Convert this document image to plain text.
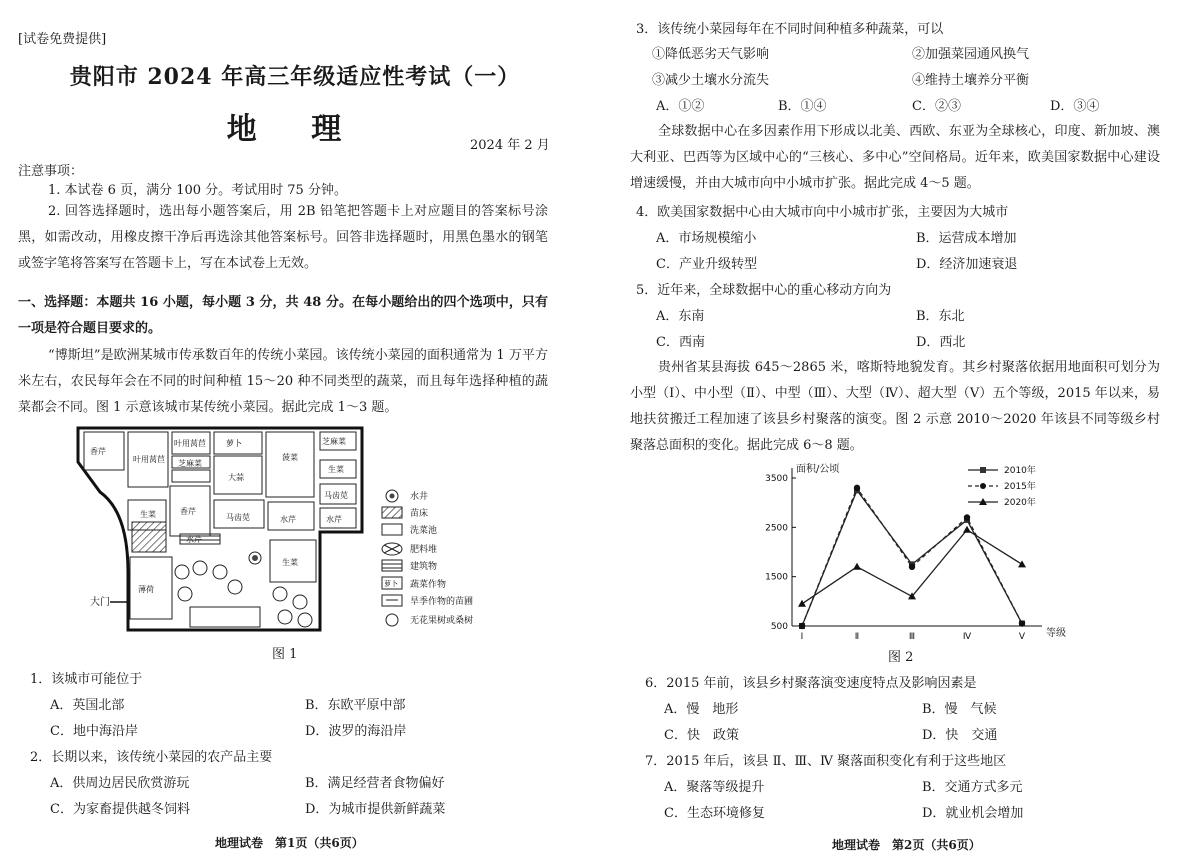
[试卷免费提供]
贵阳市 2024 年高三年级适应性考试（一）
地 理	2024 年 2 月
注意事项：
1. 本试卷 6 页，满分 100 分。考试用时 75 分钟。
2. 回答选择题时，选出每小题答案后，用 2B 铅笔把答题卡上对应题目的答案标号涂黑，如需改动，用橡皮擦干净后再选涂其他答案标号。回答非选择题时，用黑色墨水的钢笔或签字笔将答案写在答题卡上，写在本试卷上无效。
一、选择题：本题共 16 小题，每小题 3 分，共 48 分。在每小题给出的四个选项中，只有一项是符合题目要求的。
“博斯坦”是欧洲某城市传承数百年的传统小菜园。该传统小菜园的面积通常为 1 万平方米左右，农民每年会在不同的时间种植 15～20 种不同类型的蔬菜，而且每年选择种植的蔬菜都会不同。图 1 示意该城市某传统小菜园。据此完成 1～3 题。
香芹
叶用莴苣
叶用莴苣
芝麻菜
萝卜
菠菜
芝麻菜
生菜
大蒜
香芹
生菜
马齿苋
马齿苋	水芹	水芹
薄荷
生菜
水芹
大门
水井
苗床
洗菜池
肥料堆
建筑物
萝卜 蔬菜作物
旱季作物的苗圃
无花果树或桑树
图 1
1．该城市可能位于
A．英国北部	B．东欧平原中部
C．地中海沿岸	D．波罗的海沿岸
2．长期以来，该传统小菜园的农产品主要
A．供周边居民欣赏游玩	B．满足经营者食物偏好
C．为家畜提供越冬饲料	D．为城市提供新鲜蔬菜
地理试卷　第1页（共6页）
3．该传统小菜园每年在不同时间种植多种蔬菜，可以
①降低恶劣天气影响	②加强菜园通风换气
③减少土壤水分流失	④维持土壤养分平衡
A．①②	B．①④	C．②③	D．③④
全球数据中心在多因素作用下形成以北美、西欧、东亚为全球核心，印度、新加坡、澳大利亚、巴西等为区域中心的“三核心、多中心”空间格局。近年来，欧美国家数据中心建设增速缓慢，并由大城市向中小城市扩张。据此完成 4～5 题。
4．欧美国家数据中心由大城市向中小城市扩张，主要因为大城市
A．市场规模缩小	B．运营成本增加
C．产业升级转型	D．经济加速衰退
5．近年来，全球数据中心的重心移动方向为
A．东南	B．东北
C．西南	D．西北
贵州省某县海拔 645～2865 米，喀斯特地貌发育。其乡村聚落依据用地面积可划分为小型（Ⅰ）、中小型（Ⅱ）、中型（Ⅲ）、大型（Ⅳ）、超大型（Ⅴ）五个等级，2015 年以来，易地扶贫搬迁工程加速了该县乡村聚落的演变。图 2 示意 2010～2020 年该县不同等级乡村聚落总面积的变化。据此完成 6～8 题。
面积/公顷
等级
500
1500
2500
3500
Ⅰ	Ⅱ	Ⅲ	Ⅳ	Ⅴ
2010年
2015年
2020年
图 2
6．2015 年前，该县乡村聚落演变速度特点及影响因素是
A．慢　地形	B．慢　气候
C．快　政策	D．快　交通
7．2015 年后，该县 Ⅱ、Ⅲ、Ⅳ 聚落面积变化有利于这些地区
A．聚落等级提升	B．交通方式多元
C．生态环境修复	D．就业机会增加
地理试卷　第2页（共6页）
